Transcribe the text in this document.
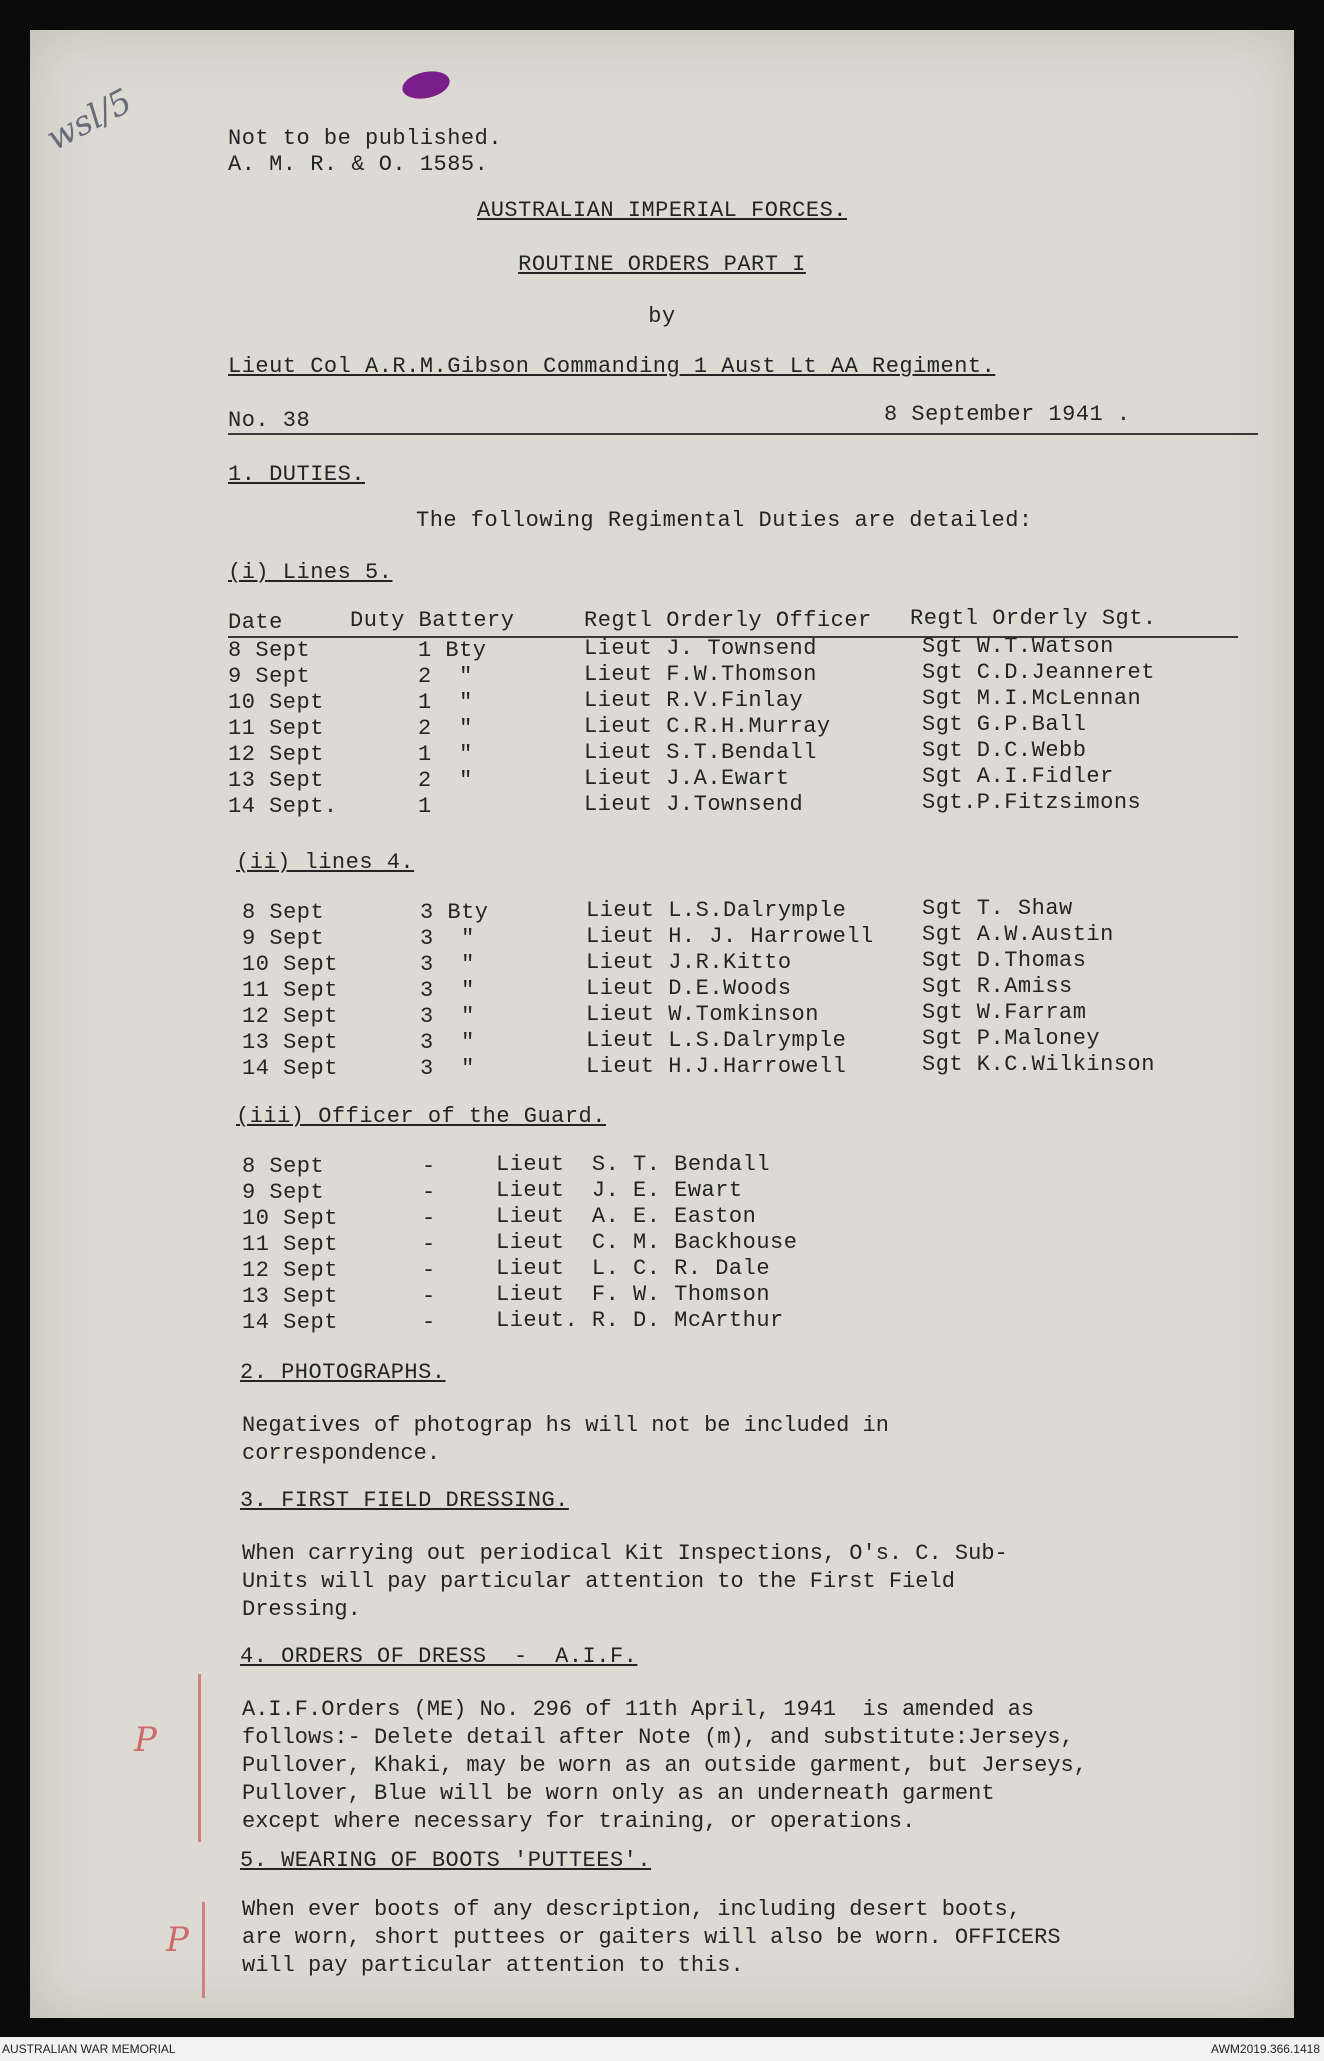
wsl/5	Not to be published.
A. M. R. & O. 1585.
AUSTRALIAN IMPERIAL FORCES.
ROUTINE ORDERS PART I
by
Lieut Col A.R.M.Gibson Commanding 1 Aust Lt AA Regiment.
No. 38	8 September 1941 .
1. DUTIES.
The following Regimental Duties are detailed:
(i) Lines 5.
Date	Duty Battery	Regtl Orderly Officer Regtl Orderly Sgt.
8 Sept	1 Bty	Lieut J. Townsend	Sgt W.T.Watson
9 Sept	2  "	Lieut F.W.Thomson	Sgt C.D.Jeanneret
10 Sept	1  "	Lieut R.V.Finlay	Sgt M.I.McLennan
11 Sept	2  "	Lieut C.R.H.Murray	Sgt G.P.Ball
12 Sept	1  "	Lieut S.T.Bendall	Sgt D.C.Webb
13 Sept	2  "	Lieut J.A.Ewart	Sgt A.I.Fidler
14 Sept.	1	Lieut J.Townsend	Sgt.P.Fitzsimons
(ii) lines 4.
8 Sept	3 Bty	Lieut L.S.Dalrymple	Sgt T. Shaw
9 Sept	3  "	Lieut H. J. Harrowell Sgt A.W.Austin
10 Sept	3  "	Lieut J.R.Kitto	Sgt D.Thomas
11 Sept	3  "	Lieut D.E.Woods	Sgt R.Amiss
12 Sept	3  "	Lieut W.Tomkinson	Sgt W.Farram
13 Sept	3  "	Lieut L.S.Dalrymple	Sgt P.Maloney
14 Sept	3  "	Lieut H.J.Harrowell	Sgt K.C.Wilkinson
(iii) Officer of the Guard.
8 Sept	-	Lieut  S. T. Bendall
9 Sept	-	Lieut  J. E. Ewart
10 Sept	-	Lieut  A. E. Easton
11 Sept	-	Lieut  C. M. Backhouse
12 Sept	-	Lieut  L. C. R. Dale
13 Sept	-	Lieut  F. W. Thomson
14 Sept	-	Lieut. R. D. McArthur
2. PHOTOGRAPHS.
Negatives of photograp hs will not be included in
correspondence.
3. FIRST FIELD DRESSING.
When carrying out periodical Kit Inspections, O's. C. Sub-
Units will pay particular attention to the First Field
Dressing.
4. ORDERS OF DRESS  -  A.I.F.
A.I.F.Orders (ME) No. 296 of 11th April, 1941  is amended as
follows:- Delete detail after Note (m), and substitute:Jerseys,
Pullover, Khaki, may be worn as an outside garment, but Jerseys,
Pullover, Blue will be worn only as an underneath garment
except where necessary for training, or operations.
5. WEARING OF BOOTS 'PUTTEES'.
When ever boots of any description, including desert boots,
are worn, short puttees or gaiters will also be worn. OFFICERS
will pay particular attention to this.
P
P
AUSTRALIAN WAR MEMORIAL	AWM2019.366.1418
